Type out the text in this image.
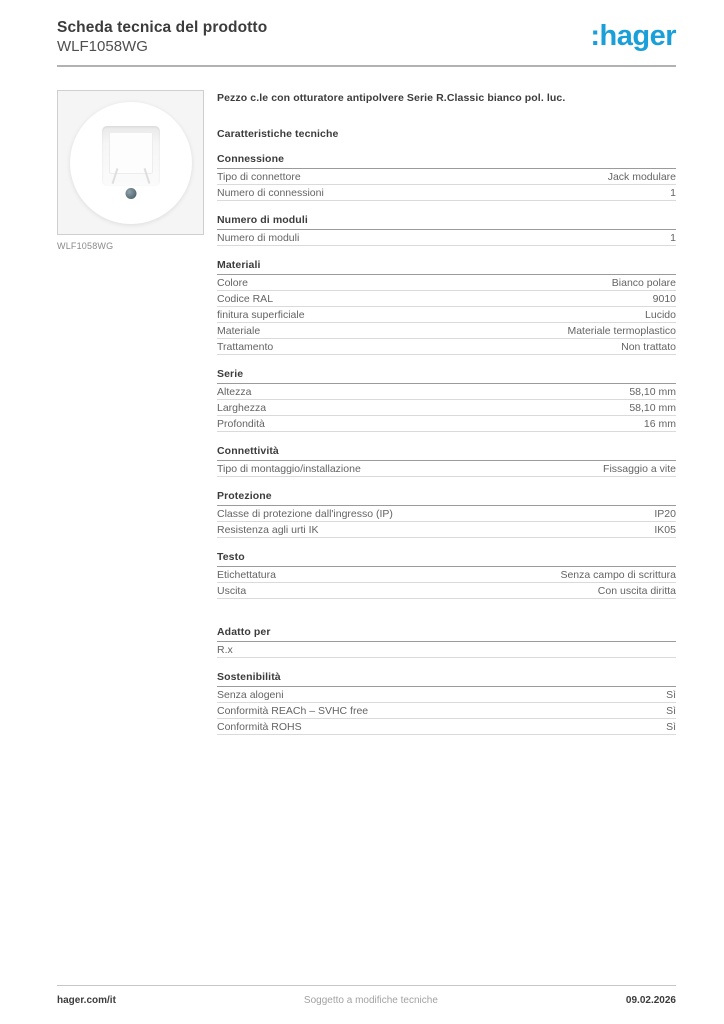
Scheda tecnica del prodotto
WLF1058WG	:hager
WLF1058WG
Pezzo c.le con otturatore antipolvere Serie R.Classic bianco pol. luc.
Caratteristiche tecniche
Connessione
Tipo di connettore	Jack modulare
Numero di connessioni	1
Numero di moduli
Numero di moduli	1
Materiali
Colore	Bianco polare
Codice RAL	9010
finitura superficiale	Lucido
Materiale	Materiale termoplastico
Trattamento	Non trattato
Serie
Altezza	58,10 mm
Larghezza	58,10 mm
Profondità	16 mm
Connettività
Tipo di montaggio/installazione	Fissaggio a vite
Protezione
Classe di protezione dall'ingresso (IP)	IP20
Resistenza agli urti IK	IK05
Testo
Etichettatura	Senza campo di scrittura
Uscita	Con uscita diritta
Adatto per
R.x
Sostenibilità
Senza alogeni	Sì
Conformità REACh – SVHC free	Sì
Conformità ROHS	Sì
hager.com/it	Soggetto a modifiche tecniche	09.02.2026
